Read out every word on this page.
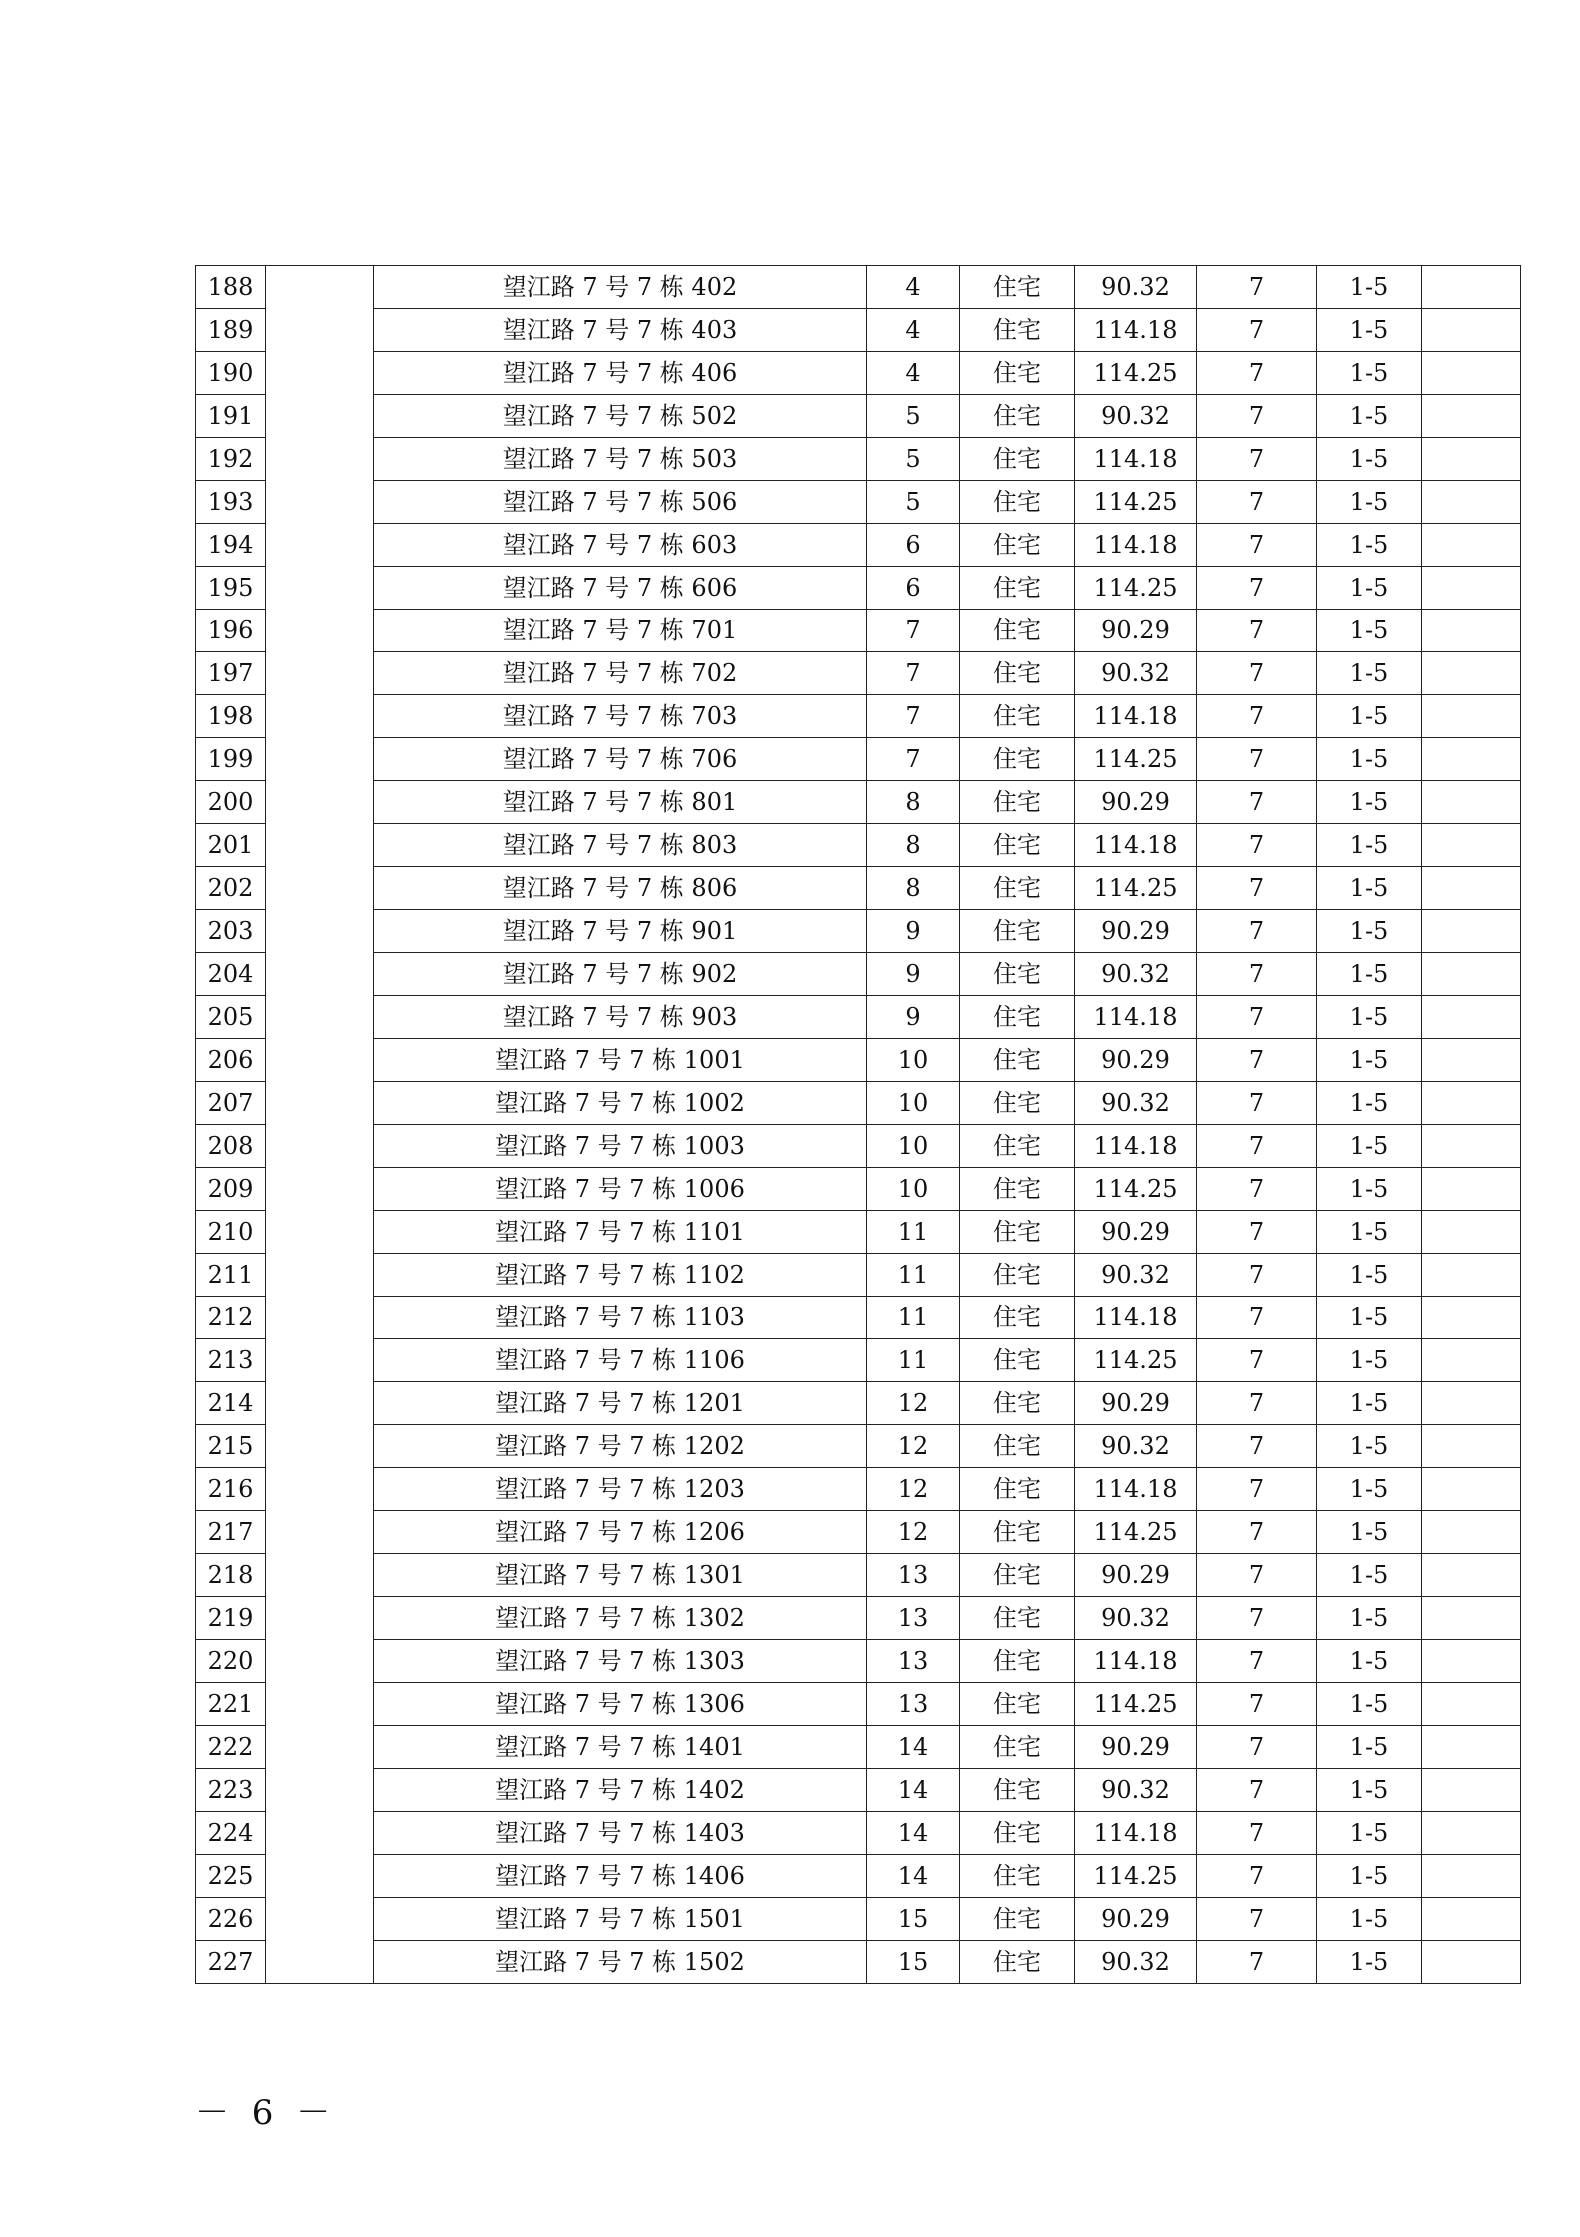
188		望江路 7 号 7 栋 402	4	住宅	90.32	7	1-5	
189		望江路 7 号 7 栋 403	4	住宅	114.18	7	1-5	
190		望江路 7 号 7 栋 406	4	住宅	114.25	7	1-5	
191		望江路 7 号 7 栋 502	5	住宅	90.32	7	1-5	
192		望江路 7 号 7 栋 503	5	住宅	114.18	7	1-5	
193		望江路 7 号 7 栋 506	5	住宅	114.25	7	1-5	
194		望江路 7 号 7 栋 603	6	住宅	114.18	7	1-5	
195		望江路 7 号 7 栋 606	6	住宅	114.25	7	1-5	
196		望江路 7 号 7 栋 701	7	住宅	90.29	7	1-5	
197		望江路 7 号 7 栋 702	7	住宅	90.32	7	1-5	
198		望江路 7 号 7 栋 703	7	住宅	114.18	7	1-5	
199		望江路 7 号 7 栋 706	7	住宅	114.25	7	1-5	
200		望江路 7 号 7 栋 801	8	住宅	90.29	7	1-5	
201		望江路 7 号 7 栋 803	8	住宅	114.18	7	1-5	
202		望江路 7 号 7 栋 806	8	住宅	114.25	7	1-5	
203		望江路 7 号 7 栋 901	9	住宅	90.29	7	1-5	
204		望江路 7 号 7 栋 902	9	住宅	90.32	7	1-5	
205		望江路 7 号 7 栋 903	9	住宅	114.18	7	1-5	
206		望江路 7 号 7 栋 1001	10	住宅	90.29	7	1-5	
207		望江路 7 号 7 栋 1002	10	住宅	90.32	7	1-5	
208		望江路 7 号 7 栋 1003	10	住宅	114.18	7	1-5	
209		望江路 7 号 7 栋 1006	10	住宅	114.25	7	1-5	
210		望江路 7 号 7 栋 1101	11	住宅	90.29	7	1-5	
211		望江路 7 号 7 栋 1102	11	住宅	90.32	7	1-5	
212		望江路 7 号 7 栋 1103	11	住宅	114.18	7	1-5	
213		望江路 7 号 7 栋 1106	11	住宅	114.25	7	1-5	
214		望江路 7 号 7 栋 1201	12	住宅	90.29	7	1-5	
215		望江路 7 号 7 栋 1202	12	住宅	90.32	7	1-5	
216		望江路 7 号 7 栋 1203	12	住宅	114.18	7	1-5	
217		望江路 7 号 7 栋 1206	12	住宅	114.25	7	1-5	
218		望江路 7 号 7 栋 1301	13	住宅	90.29	7	1-5	
219		望江路 7 号 7 栋 1302	13	住宅	90.32	7	1-5	
220		望江路 7 号 7 栋 1303	13	住宅	114.18	7	1-5	
221		望江路 7 号 7 栋 1306	13	住宅	114.25	7	1-5	
222		望江路 7 号 7 栋 1401	14	住宅	90.29	7	1-5	
223		望江路 7 号 7 栋 1402	14	住宅	90.32	7	1-5	
224		望江路 7 号 7 栋 1403	14	住宅	114.18	7	1-5	
225		望江路 7 号 7 栋 1406	14	住宅	114.25	7	1-5	
226		望江路 7 号 7 栋 1501	15	住宅	90.29	7	1-5	
227		望江路 7 号 7 栋 1502	15	住宅	90.32	7	1-5	
－ 6 －
